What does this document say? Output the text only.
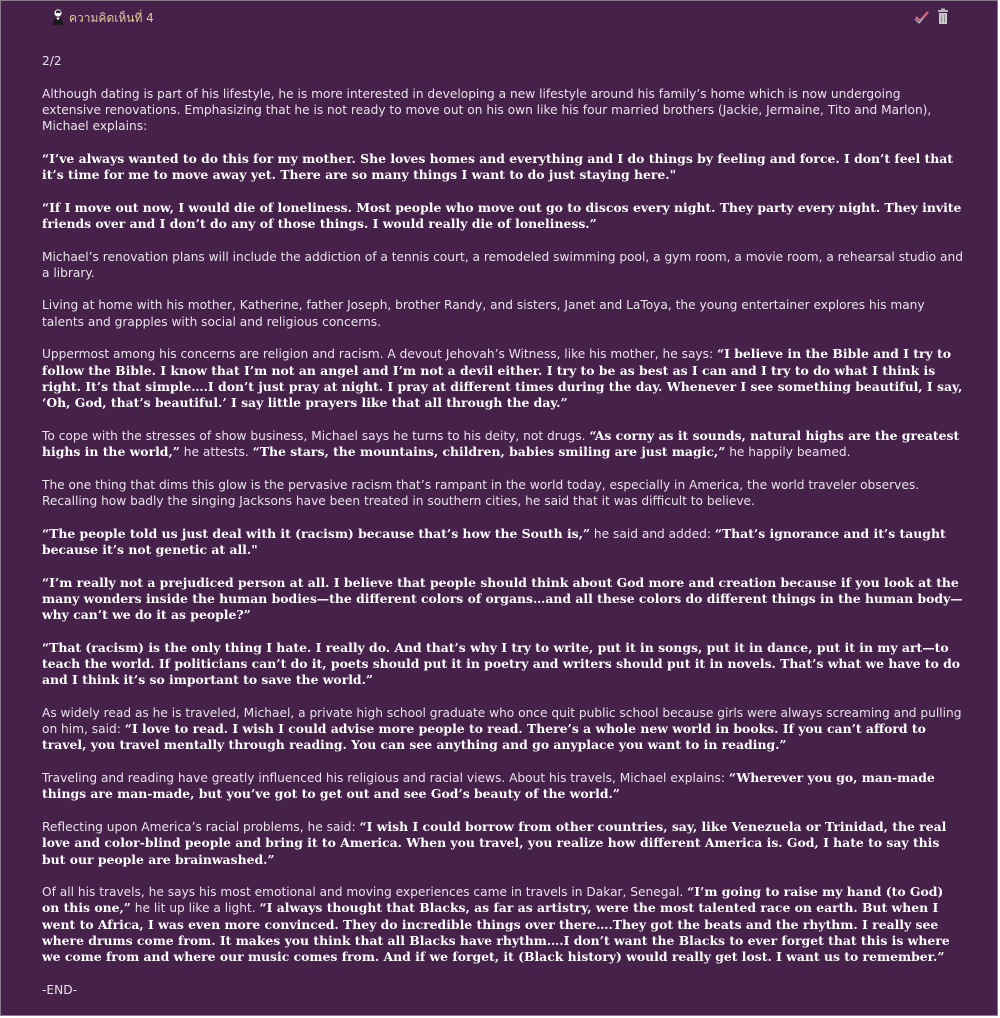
ความคิดเห็นที่ 4

2/2

Although dating is part of his lifestyle, he is more interested in developing a new lifestyle around his family’s home which is now undergoing extensive renovations. Emphasizing that he is not ready to move out on his own like his four married brothers (Jackie, Jermaine, Tito and Marlon), Michael explains:

“I’ve always wanted to do this for my mother. She loves homes and everything and I do things by feeling and force. I don’t feel that it’s time for me to move away yet. There are so many things I want to do just staying here."

“If I move out now, I would die of loneliness. Most people who move out go to discos every night. They party every night. They invite friends over and I don’t do any of those things. I would really die of loneliness.”

Michael’s renovation plans will include the addiction of a tennis court, a remodeled swimming pool, a gym room, a movie room, a rehearsal studio and a library.

Living at home with his mother, Katherine, father Joseph, brother Randy, and sisters, Janet and LaToya, the young entertainer explores his many talents and grapples with social and religious concerns.

Uppermost among his concerns are religion and racism. A devout Jehovah’s Witness, like his mother, he says: “I believe in the Bible and I try to follow the Bible. I know that I’m not an angel and I’m not a devil either. I try to be as best as I can and I try to do what I think is right. It’s that simple….I don’t just pray at night. I pray at different times during the day. Whenever I see something beautiful, I say, ‘Oh, God, that’s beautiful.’ I say little prayers like that all through the day.”

To cope with the stresses of show business, Michael says he turns to his deity, not drugs. “As corny as it sounds, natural highs are the greatest highs in the world,” he attests. “The stars, the mountains, children, babies smiling are just magic,” he happily beamed.

The one thing that dims this glow is the pervasive racism that’s rampant in the world today, especially in America, the world traveler observes. Recalling how badly the singing Jacksons have been treated in southern cities, he said that it was difficult to believe.

“The people told us just deal with it (racism) because that’s how the South is,” he said and added: “That’s ignorance and it’s taught because it’s not genetic at all."

“I’m really not a prejudiced person at all. I believe that people should think about God more and creation because if you look at the many wonders inside the human bodies—the different colors of organs…and all these colors do different things in the human body—why can’t we do it as people?”

“That (racism) is the only thing I hate. I really do. And that’s why I try to write, put it in songs, put it in dance, put it in my art—to teach the world. If politicians can’t do it, poets should put it in poetry and writers should put it in novels. That’s what we have to do and I think it’s so important to save the world.”

As widely read as he is traveled, Michael, a private high school graduate who once quit public school because girls were always screaming and pulling on him, said: “I love to read. I wish I could advise more people to read. There’s a whole new world in books. If you can’t afford to travel, you travel mentally through reading. You can see anything and go anyplace you want to in reading.”

Traveling and reading have greatly influenced his religious and racial views. About his travels, Michael explains: “Wherever you go, man-made things are man-made, but you’ve got to get out and see God’s beauty of the world.”

Reflecting upon America’s racial problems, he said: “I wish I could borrow from other countries, say, like Venezuela or Trinidad, the real love and color-blind people and bring it to America. When you travel, you realize how different America is. God, I hate to say this but our people are brainwashed.”

Of all his travels, he says his most emotional and moving experiences came in travels in Dakar, Senegal. “I’m going to raise my hand (to God) on this one,” he lit up like a light. “I always thought that Blacks, as far as artistry, were the most talented race on earth. But when I went to Africa, I was even more convinced. They do incredible things over there….They got the beats and the rhythm. I really see where drums come from. It makes you think that all Blacks have rhythm….I don’t want the Blacks to ever forget that this is where we come from and where our music comes from. And if we forget, it (Black history) would really get lost. I want us to remember.”

-END-
